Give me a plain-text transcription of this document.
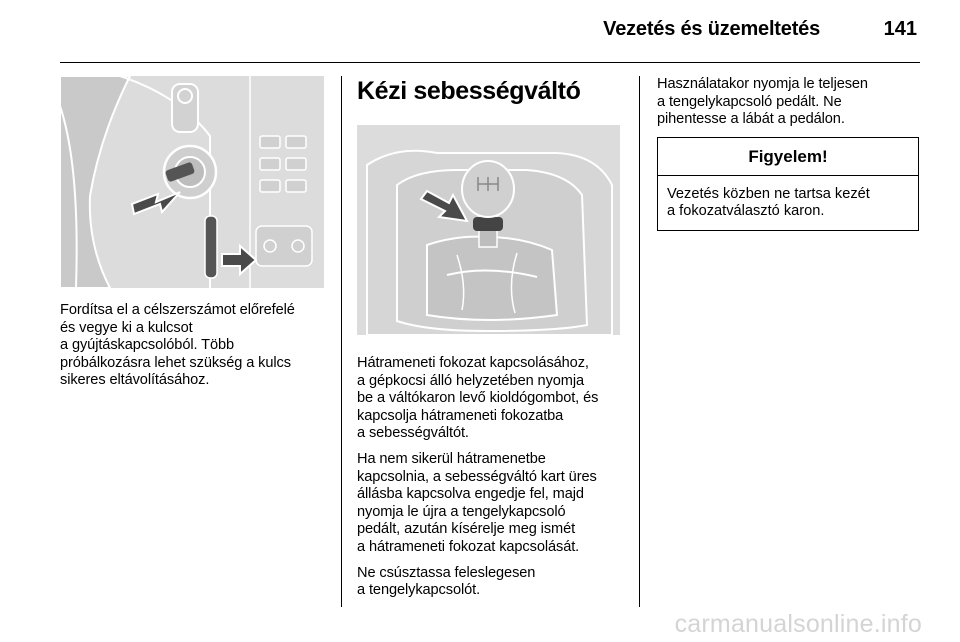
Vezetés és üzemeltetés	141

Fordítsa el a célszerszámot előrefelé
és vegye ki a kulcsot
a gyújtáskapcsolóból. Több
próbálkozásra lehet szükség a kulcs
sikeres eltávolításához.

Kézi sebességváltó

Hátrameneti fokozat kapcsolásához,
a gépkocsi álló helyzetében nyomja
be a váltókaron levő kioldógombot, és
kapcsolja hátrameneti fokozatba
a sebességváltót.

Ha nem sikerül hátramenetbe
kapcsolnia, a sebességváltó kart üres
állásba kapcsolva engedje fel, majd
nyomja le újra a tengelykapcsoló
pedált, azután kísérelje meg ismét
a hátrameneti fokozat kapcsolását.

Ne csúsztassa feleslegesen
a tengelykapcsolót.

Használatakor nyomja le teljesen
a tengelykapcsoló pedált. Ne
pihentesse a lábát a pedálon.

Figyelem!
Vezetés közben ne tartsa kezét
a fokozatválasztó karon.
carmanualsonline.info
